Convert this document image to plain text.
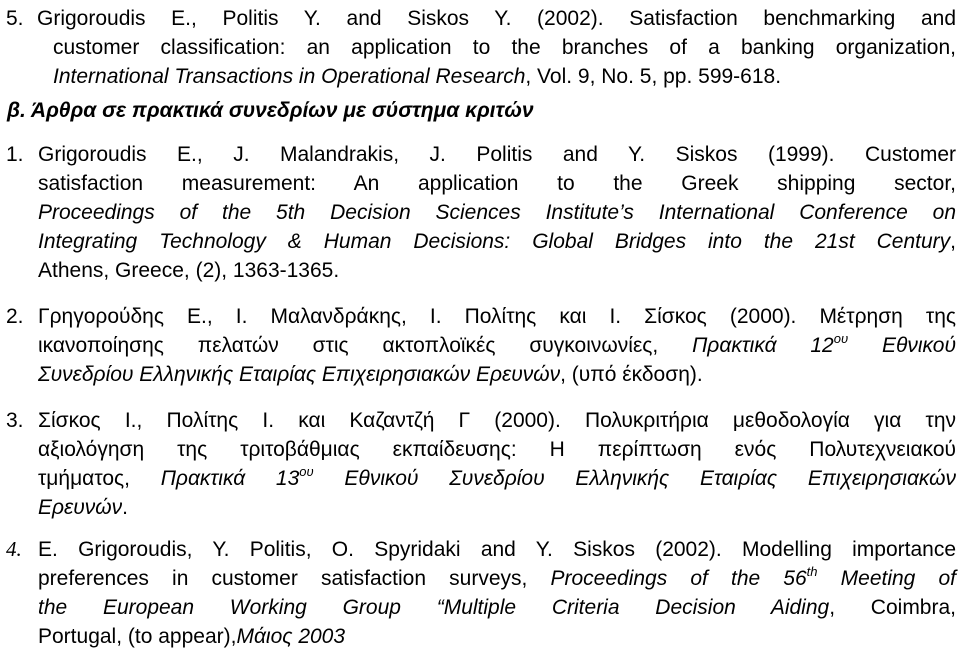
5. Grigoroudis E., Politis Y. and Siskos Y. (2002). Satisfaction benchmarking and
customer classification: an application to the branches of a banking organization,
International Transactions in Operational Research, Vol. 9, No. 5, pp. 599-618.
β. Άρθρα σε πρακτικά συνεδρίων με σύστημα κριτών
1. Grigoroudis E., J. Malandrakis, J. Politis and Y. Siskos (1999). Customer
satisfaction measurement: An application to the Greek shipping sector,
Proceedings of the 5th Decision Sciences Institute’s International Conference on
Integrating Technology & Human Decisions: Global Bridges into the 21st Century,
Athens, Greece, (2), 1363-1365.
2. Γρηγορούδης Ε., Ι. Μαλανδράκης, Ι. Πολίτης και Ι. Σίσκος (2000). Μέτρηση της
ικανοποίησης πελατών στις ακτοπλοϊκές συγκοινωνίες, Πρακτικά $12^{o\upsilon}$ Εθνικού
Συνεδρίου Ελληνικής Εταιρίας Επιχειρησιακών Ερευνών, (υπό έκδοση).
3. Σίσκος Ι., Πολίτης Ι. και Καζαντζή Γ (2000). Πολυκριτήρια μεθοδολογία για την
αξιολόγηση της τριτοβάθμιας εκπαίδευσης: Η περίπτωση ενός Πολυτεχνειακού
τμήματος, Πρακτικά $13^{o\upsilon}$ Εθνικού Συνεδρίου Ελληνικής Εταιρίας Επιχειρησιακών
Ερευνών.
4. E. Grigoroudis, Y. Politis, O. Spyridaki and Y. Siskos (2002). Modelling importance
preferences in customer satisfaction surveys, Proceedings of the 56th Meeting of
the European Working Group “Multiple Criteria Decision Aiding, Coimbra,
Portugal, (to appear),Μάιος 2003
